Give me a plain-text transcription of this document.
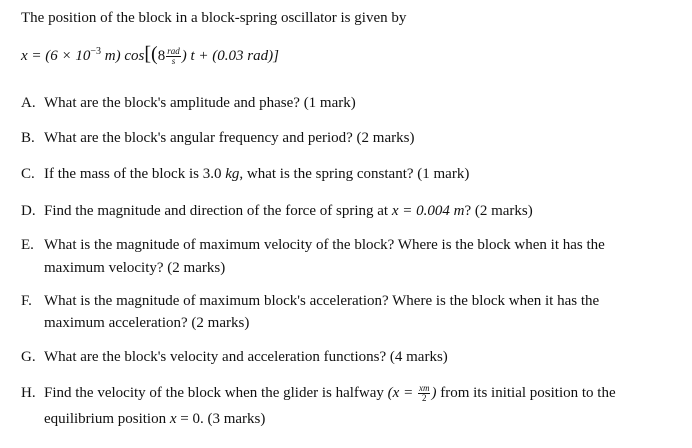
The position of the block in a block-spring oscillator is given by
$x = (6 \times 10^{-3}$ m) $\cos[(8 \frac{\text{rad}}{s}$ ) t + (0.03 rad)]
A. What are the block's amplitude and phase? (1 mark)
B. What are the block's angular frequency and period? (2 marks)
C. If the mass of the block is 3.0 kg, what is the spring constant? (1 mark)
D. Find the magnitude and direction of the force of spring at x = 0.004 m? (2 marks)
E. What is the magnitude of maximum velocity of the block? Where is the block when it has the
maximum velocity? (2 marks)
F. What is the magnitude of maximum block's acceleration? Where is the block when it has the
maximum acceleration? (2 marks)
G. What are the block's velocity and acceleration functions? (4 marks)
H. Find the velocity of the block when the glider is halfway ($x = \frac{xm}{2}$ ) from its initial position to the
equilibrium position x = 0. (3 marks)
